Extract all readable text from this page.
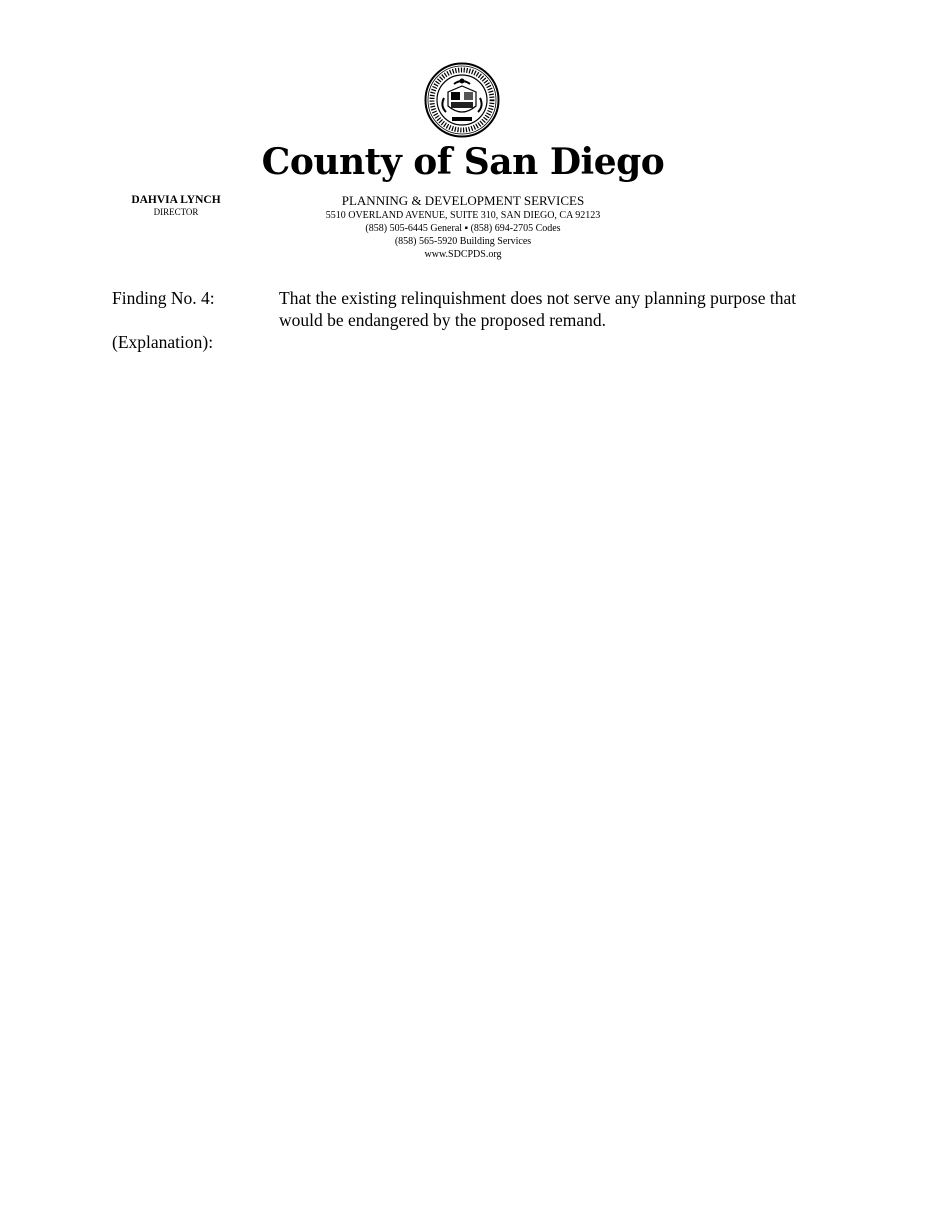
County of San Diego
DAHVIA LYNCH
DIRECTOR
PLANNING & DEVELOPMENT SERVICES
5510 OVERLAND AVENUE, SUITE 310, SAN DIEGO, CA 92123
(858) 505-6445 General ▪ (858) 694-2705 Codes
(858) 565-5920 Building Services
www.SDCPDS.org
Finding No. 4:	That the existing relinquishment does not serve any planning purpose that would be endangered by the proposed remand.
(Explanation):
